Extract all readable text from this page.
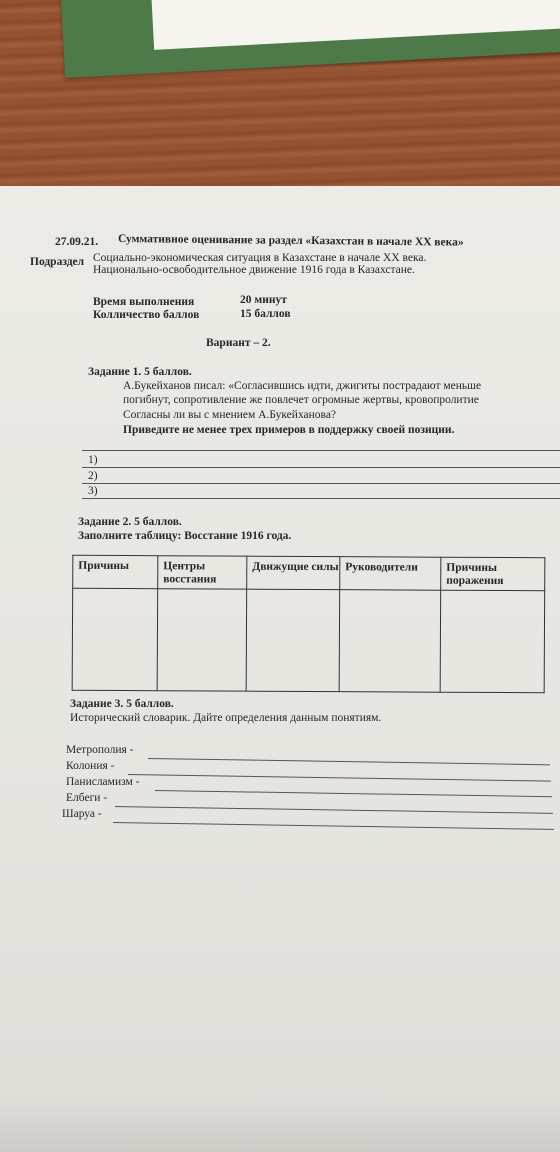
27.09.21. Суммативное оценивание за раздел «Казахстан в начале XX века»
Подраздел Социально-экономическая ситуация в Казахстане в начале XX века.
Национально-освободительное движение 1916 года в Казахстане.
Время выполнения	20 минут
Колличество баллов	15 баллов
Вариант – 2.
Задание 1. 5 баллов.
А.Букейханов писал: «Согласившись идти, джигиты пострадают меньше
погибнут, сопротивление же повлечет огромные жертвы, кровопролитие
Согласны ли вы с мнением А.Букейханова?
Приведите не менее трех примеров в поддержку своей позиции.
1)
2)
3)
Задание 2. 5 баллов.
Заполните таблицу: Восстание 1916 года.
Причины	Центры восстания	Движущие силы	Руководители	Причины поражения

Задание 3. 5 баллов.
Исторический словарик. Дайте определения данным понятиям.
Метрополия -
Колония -
Панисламизм -
Елбеги -
Шаруа -
